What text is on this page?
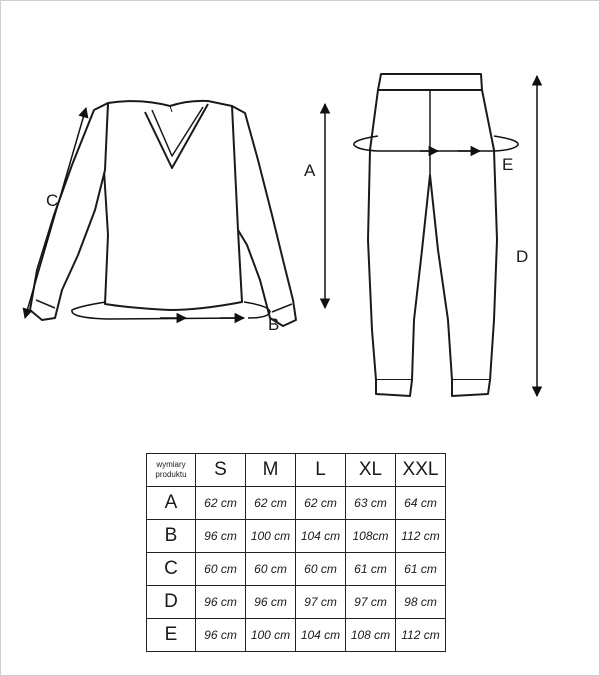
A
C
B
E
D
wymiary produktu	S	M	L	XL	XXL
A	62 cm	62 cm	62 cm	63 cm	64 cm
B	96 cm	100 cm	104 cm	108cm	112 cm
C	60 cm	60 cm	60 cm	61 cm	61 cm
D	96 cm	96 cm	97 cm	97 cm	98 cm
E	96 cm	100 cm	104 cm	108 cm	112 cm
